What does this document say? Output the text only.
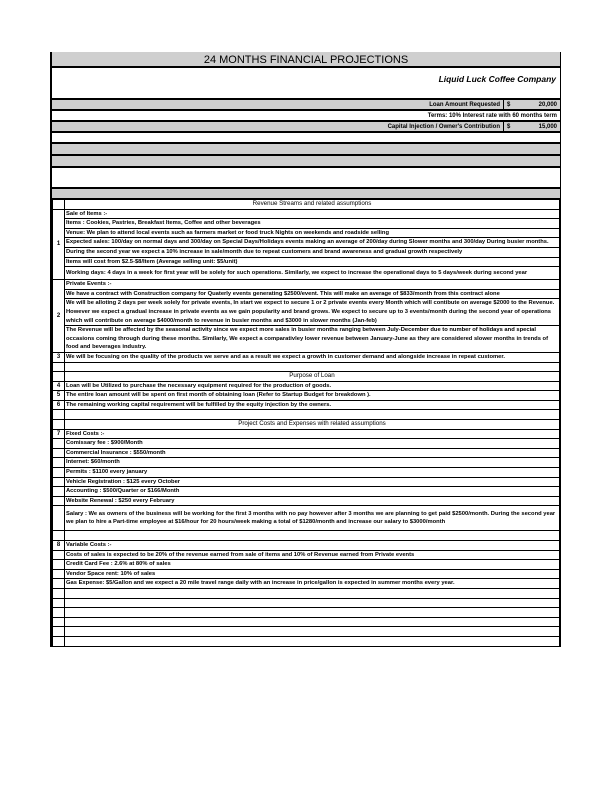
24 MONTHS FINANCIAL PROJECTIONS
Liquid Luck Coffee Company
Loan Amount Requested	$	20,000
Terms: 10% Interest rate with 60 months term
Capital Injection / Owner's Contribution	$	15,000
	Revenue Streams and related assumptions
1	Sale of Items :-
	Items : Cookies, Pastries, Breakfast Items, Coffee and other beverages
	Venue: We plan to attend local events such as farmers market or food truck Nights on weekends and roadside selling
	Expected sales: 100/day on normal days and 300/day on Special Days/Holidays events making an average of 200/day during Slower months and 300/day During busier months.
	During the second year we expect a 10% increase in sale/month due to repeat customers and brand awareness and gradual growth respectively
	Items will cost from $2.5-$8/Item (Average selling unit: $5/unit)
	Working days: 4 days in a week for first year will be solely for such operations. Similarly, we expect to increase the operational days to 5 days/week during second year
2	Private Events :-
	We have a contract with Construction company for Quaterly events generating $2500/event. This will make an average of $833/month from this contract alone
	We will be alloting 2 days per week solely for private events, In start we expect to secure 1 or 2 private events every Month which will contibute on average $2000 to the Revenue. However we expect a gradual increase in private events as we gain popularity and brand grows. We expect to secure up to 3 events/month during the second year of operations which will contribute on average $4000/month to revenue in busier months and $3000 in slower months (Jan-feb)
	The Revenue will be affected by the seasonal activity since we expect more sales in busier months ranging between July-December due to number of holidays and special occasions coming through during these months. Similarly, We expect a comparativley lower revenue between January-June as they are considered slower months in trends of food and beverages industry.
3	We will be focusing on the quality of the products we serve and as a result we expect a growth in customer demand and alongside increase in repeat customer.

	Purpose of Loan
4	Loan will be Utilized to purchase the necessary equipment required for the production of goods.
5	The entire loan amount will be spent on first month of obtaining loan (Refer to Startup Budget for breakdown ).
6	The remaining working capital requirement will be fulfilled by the equity injection by the owners.

	Project Costs and Expenses with related assumptions
7	Fixed Costs :-
	Comissary fee : $900/Month
	Commercial Insurance : $550/month
	Internet: $60/month
	Permits : $1100 every january
	Vehicle Registration : $125 every October
	Accounting : $500/Quarter or $166/Month
	Website Renewal : $250 every February
	Salary : We as owners of the business will be working for the first 3 months with no pay however after 3 months we are planning to get paid $2500/month. During the second year we plan to hire a Part-time employee at $16/hour for 20 hours/week making a total of $1280/month and increase our salary to $3000/month

8	Variable Costs :-
	Costs of sales is expected to be 20% of the revenue earned from sale of items and 10% of Revenue earned from Private events
	Credit Card Fee : 2.6% at 80% of sales
	Vendor Space rent: 10% of sales
	Gas Expense: $5/Gallon and we expect a 20 mile travel range daily with an increase in price/gallon is expected in summer months every year.
